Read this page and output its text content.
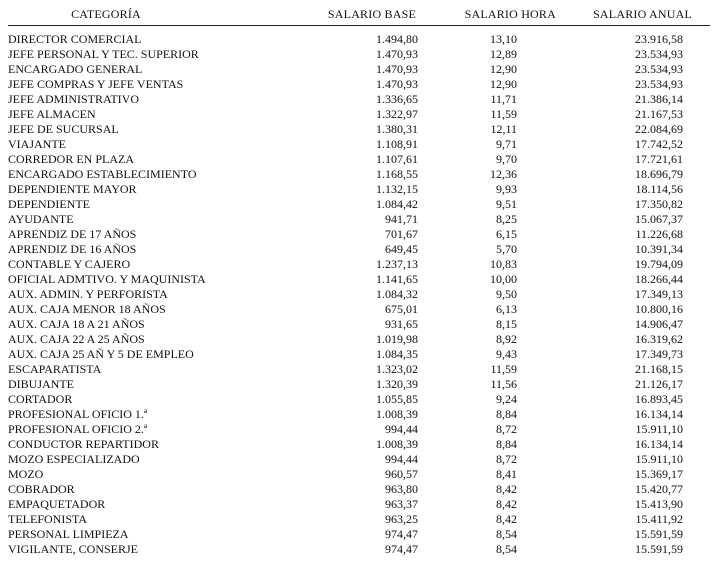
CATEGORÍA	SALARIO BASE	SALARIO HORA	SALARIO ANUAL

DIRECTOR COMERCIAL	1.494,80	13,10	23.916,58
JEFE PERSONAL Y TEC. SUPERIOR	1.470,93	12,89	23.534,93
ENCARGADO GENERAL	1.470,93	12,90	23.534,93
JEFE COMPRAS Y JEFE VENTAS	1.470,93	12,90	23.534,93
JEFE ADMINISTRATIVO	1.336,65	11,71	21.386,14
JEFE ALMACEN	1.322,97	11,59	21.167,53
JEFE DE SUCURSAL	1.380,31	12,11	22.084,69
VIAJANTE	1.108,91	9,71	17.742,52
CORREDOR EN PLAZA	1.107,61	9,70	17.721,61
ENCARGADO ESTABLECIMIENTO	1.168,55	12,36	18.696,79
DEPENDIENTE MAYOR	1.132,15	9,93	18.114,56
DEPENDIENTE	1.084,42	9,51	17.350,82
AYUDANTE	941,71	8,25	15.067,37
APRENDIZ DE 17 AÑOS	701,67	6,15	11.226,68
APRENDIZ DE 16 AÑOS	649,45	5,70	10.391,34
CONTABLE Y CAJERO	1.237,13	10,83	19.794,09
OFICIAL ADMTIVO. Y MAQUINISTA	1.141,65	10,00	18.266,44
AUX. ADMIN. Y PERFORISTA	1.084,32	9,50	17.349,13
AUX. CAJA MENOR 18 AÑOS	675,01	6,13	10.800,16
AUX. CAJA 18 A 21 AÑOS	931,65	8,15	14.906,47
AUX. CAJA 22 A 25 AÑOS	1.019,98	8,92	16.319,62
AUX. CAJA 25 AÑ Y 5 DE EMPLEO	1.084,35	9,43	17.349,73
ESCAPARATISTA	1.323,02	11,59	21.168,15
DIBUJANTE	1.320,39	11,56	21.126,17
CORTADOR	1.055,85	9,24	16.893,45
PROFESIONAL OFICIO 1.ª	1.008,39	8,84	16.134,14
PROFESIONAL OFICIO 2.ª	994,44	8,72	15.911,10
CONDUCTOR REPARTIDOR	1.008,39	8,84	16.134,14
MOZO ESPECIALIZADO	994,44	8,72	15.911,10
MOZO	960,57	8,41	15.369,17
COBRADOR	963,80	8,42	15.420,77
EMPAQUETADOR	963,37	8,42	15.413,90
TELEFONISTA	963,25	8,42	15.411,92
PERSONAL LIMPIEZA	974,47	8,54	15.591,59
VIGILANTE, CONSERJE	974,47	8,54	15.591,59
